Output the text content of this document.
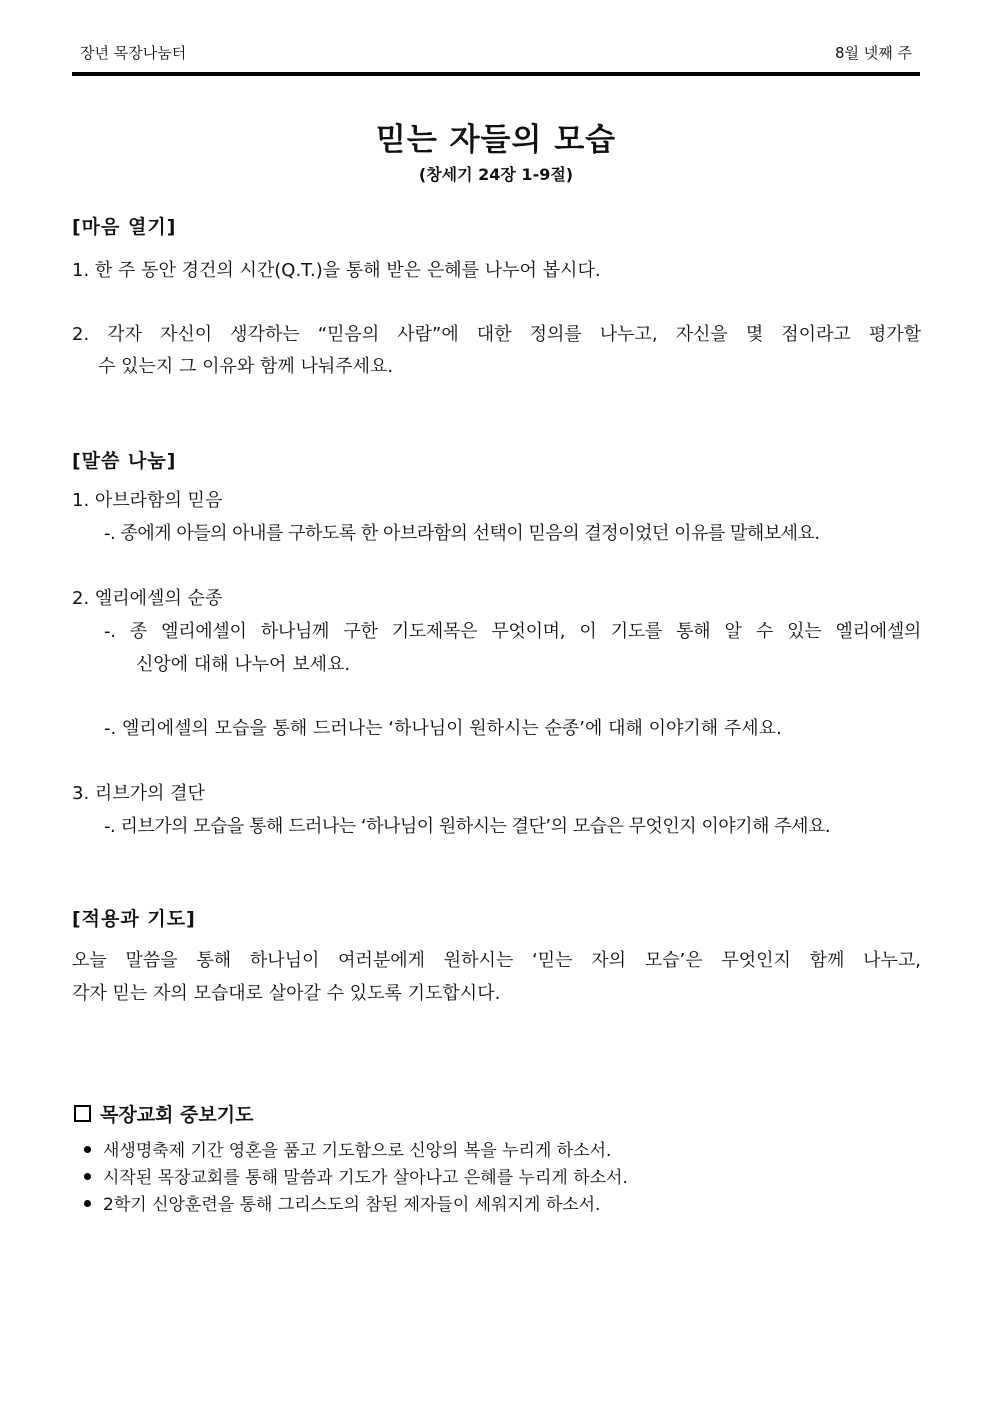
장년 목장나눔터	8월 넷째 주
믿는 자들의 모습
(창세기 24장 1-9절)
[마음 열기]
1. 한 주 동안 경건의 시간(Q.T.)을 통해 받은 은혜를 나누어 봅시다.
2. 각자 자신이 생각하는 “믿음의 사람”에 대한 정의를 나누고, 자신을 몇 점이라고 평가할
수 있는지 그 이유와 함께 나눠주세요.
[말씀 나눔]
1. 아브라함의 믿음
-. 종에게 아들의 아내를 구하도록 한 아브라함의 선택이 믿음의 결정이었던 이유를 말해보세요.
2. 엘리에셀의 순종
-. 종 엘리에셀이 하나님께 구한 기도제목은 무엇이며, 이 기도를 통해 알 수 있는 엘리에셀의
신앙에 대해 나누어 보세요.
-. 엘리에셀의 모습을 통해 드러나는 ‘하나님이 원하시는 순종’에 대해 이야기해 주세요.
3. 리브가의 결단
-. 리브가의 모습을 통해 드러나는 ‘하나님이 원하시는 결단’의 모습은 무엇인지 이야기해 주세요.
[적용과 기도]
오늘 말씀을 통해 하나님이 여러분에게 원하시는 ‘믿는 자의 모습’은 무엇인지 함께 나누고,
각자 믿는 자의 모습대로 살아갈 수 있도록 기도합시다.
목장교회 중보기도
새생명축제 기간 영혼을 품고 기도함으로 신앙의 복을 누리게 하소서.
시작된 목장교회를 통해 말씀과 기도가 살아나고 은혜를 누리게 하소서.
2학기 신앙훈련을 통해 그리스도의 참된 제자들이 세워지게 하소서.
